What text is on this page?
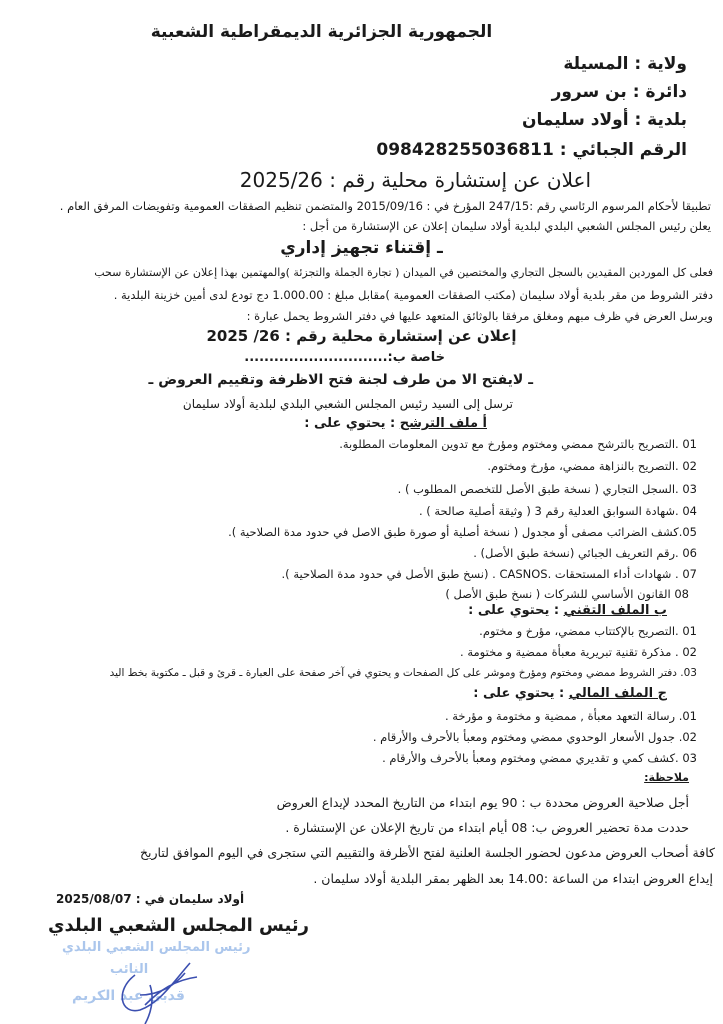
الجمهورية الجزائرية الديمقراطية الشعبية
ولاية : المسيلة
دائرة : بن سرور
بلدية : أولاد سليمان
الرقم الجبائي : 098428255036811
اعلان عن إستشارة محلية رقم : 2025/26
تطبيقا لأحكام المرسوم الرئاسي رقم :247/15 المؤرخ في : 2015/09/16 والمتضمن تنظيم الصفقات العمومية وتفويضات المرفق العام .
يعلن رئيس المجلس الشعبي البلدي لبلدية أولاد سليمان إعلان عن الإستشارة من أجل :
ـ إقتناء تجهيز إداري
فعلى كل الموردين المقيدين بالسجل التجاري والمختصين في الميدان ( تجارة الجملة والتجزئة )والمهتمين بهذا إعلان عن الإستشارة سحب
دفتر الشروط من مقر بلدية أولاد سليمان (مكتب الصفقات العمومية )مقابل مبلغ : 1.000.00 دج تودع لدى أمين خزينة البلدية .
ويرسل العرض في ظرف مبهم ومغلق مرفقا بالوثائق المتعهد عليها في دفتر الشروط يحمل عبارة :
إعلان عن إستشارة محلية رقم : 26/ 2025
خاصة ب:.............................
ـ لايفتح الا من طرف لجنة فتح الاظرفة وتقييم العروض ـ
ترسل إلى السيد رئيس المجلس الشعبي البلدي لبلدية أولاد سليمان
أ ملف الترشح : يحتوي على :
01 .التصريح بالترشح ممضي ومختوم ومؤرخ مع تدوين المعلومات المطلوبة.
02 .التصريح بالنزاهة ممضي، مؤرخ ومختوم.
03 .السجل التجاري ( نسخة طبق الأصل للتخصص المطلوب ) .
04 .شهادة السوابق العدلية رقم 3 ( وثيقة أصلية صالحة ) .
05.كشف الضرائب مصفى أو مجدول ( نسخة أصلية أو صورة طبق الاصل في حدود مدة الصلاحية ).
06 .رقم التعريف الجبائي (نسخة طبق الأصل) .
07 . شهادات أداء المستحقات .CASNOS . (نسخ طبق الأصل في حدود مدة الصلاحية ).
08 القانون الأساسي للشركات ( نسخ طبق الأصل )
ب الملف التقني : يحتوي على :
01 .التصريح بالإكتتاب ممضي، مؤرخ و مختوم.
02 . مذكرة تقنية تبريرية معبأة ممضية و مختومة .
03. دفتر الشروط ممضي ومختوم ومؤرخ وموشر على كل الصفحات و يحتوي في آخر صفحة على العبارة ـ قرئ و قبل ـ مكتوبة بخط اليد
ج الملف المالي : يحتوي على :
01. رسالة التعهد معبأة , ممضية و مختومة و مؤرخة .
02. جدول الأسعار الوحدوي ممضي ومختوم ومعبأ بالأحرف والأرقام .
03 .كشف كمي و تقديري ممضي ومختوم ومعبأ بالأحرف والأرقام .
ملاحظة:
أجل صلاحية العروض محددة ب : 90 يوم ابتداء من التاريخ المحدد لإيداع العروض
حددت مدة تحضير العروض ب: 08 أيام ابتداء من تاريخ الإعلان عن الإستشارة .
كافة أصحاب العروض مدعون لحضور الجلسة العلنية لفتح الأظرفة والتقييم التي ستجرى في اليوم الموافق لتاريخ
إيداع العروض ابتداء من الساعة :14.00 بعد الظهر بمقر البلدية أولاد سليمان .
أولاد سليمان في : 2025/08/07
رئيس المجلس الشعبي البلدي
رئيس المجلس الشعبي البلدي
النائب
قدبي عبد الكريم
